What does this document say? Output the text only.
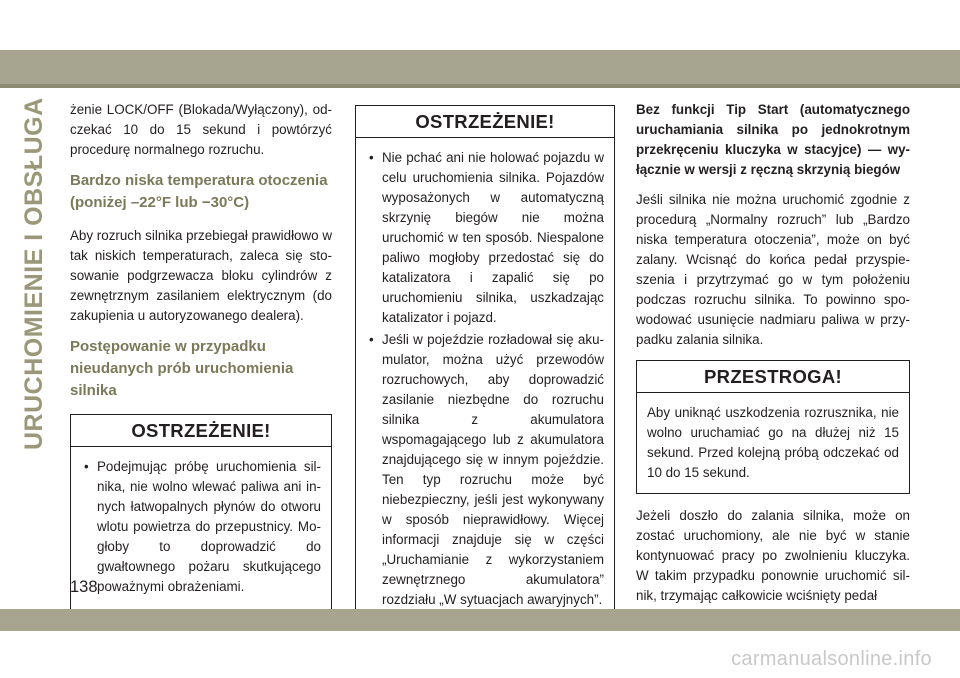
URUCHOMIENIE I OBSŁUGA żenie LOCK/OFF (Blokada/Wyłączony), odczekać 10 do 15 sekund i powtórzyć procedurę normalnego rozruchu.

Bardzo niska temperatura otoczenia (poniżej –22°F lub −30°C)

Aby rozruch silnika przebiegał prawidłowo w tak niskich temperaturach, zaleca się stosowanie podgrzewacza bloku cylindrów z zewnętrznym zasilaniem elektrycznym (do zakupienia u autoryzowanego dealera).

Postępowanie w przypadku nieudanych prób uruchomienia silnika
OSTRZEŻENIE!
• Podejmując próbę uruchomienia silnika, nie wolno wlewać paliwa ani innych łatwopalnych płynów do otworu wlotu powietrza do przepustnicy. Mogłoby to doprowadzić do gwałtownego pożaru skutkującego poważnymi obrażeniami.
OSTRZEŻENIE!
• Nie pchać ani nie holować pojazdu w celu uruchomienia silnika. Pojazdów wyposażonych w automatyczną skrzynię biegów nie można uruchomić w ten sposób. Niespalone paliwo mogłoby przedostać się do katalizatora i zapalić się po uruchomieniu silnika, uszkadzając katalizator i pojazd.
• Jeśli w pojeździe rozładował się akumulator, można użyć przewodów rozruchowych, aby doprowadzić zasilanie niezbędne do rozruchu silnika z akumulatora wspomagającego lub z akumulatora znajdującego się w innym pojeździe. Ten typ rozruchu może być niebezpieczny, jeśli jest wykonywany w sposób nieprawidłowy. Więcej informacji znajduje się w części „Uruchamianie z wykorzystaniem zewnętrznego akumulatora” rozdziału „W sytuacjach awaryjnych”.

Bez funkcji Tip Start (automatycznego uruchamiania silnika po jednokrotnym przekręceniu kluczyka w stacyjce) — wyłącznie w wersji z ręczną skrzynią biegów

Jeśli silnika nie można uruchomić zgodnie z procedurą „Normalny rozruch” lub „Bardzo niska temperatura otoczenia”, może on być zalany. Wcisnąć do końca pedał przyspieszenia i przytrzymać go w tym położeniu podczas rozruchu silnika. To powinno spowodować usunięcie nadmiaru paliwa w przypadku zalania silnika.

PRZESTROGA!
Aby uniknąć uszkodzenia rozrusznika, nie wolno uruchamiać go na dłużej niż 15 sekund. Przed kolejną próbą odczekać od 10 do 15 sekund.

Jeżeli doszło do zalania silnika, może on zostać uruchomiony, ale nie być w stanie kontynuować pracy po zwolnieniu kluczyka. W takim przypadku ponownie uruchomić silnik, trzymając całkowicie wciśnięty pedał

138
carmanualsonline.info
